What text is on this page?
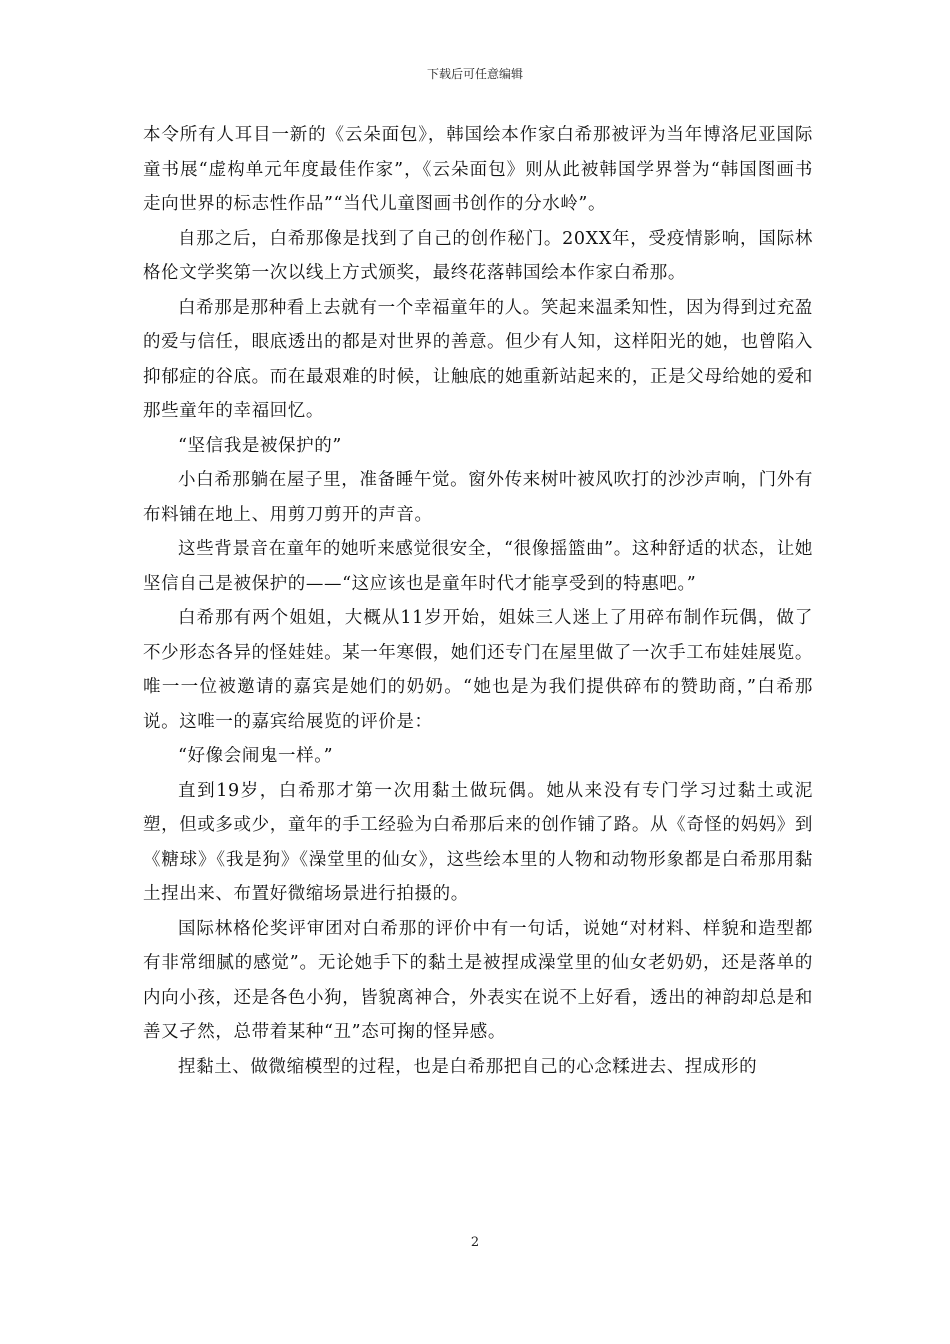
下载后可任意编辑

本令所有人耳目一新的《云朵面包》，韩国绘本作家白希那被评为当年博洛尼亚国际童书展“虚构单元年度最佳作家”，《云朵面包》则从此被韩国学界誉为“韩国图画书走向世界的标志性作品”“当代儿童图画书创作的分水岭”。

自那之后，白希那像是找到了自己的创作秘门。20XX年，受疫情影响，国际林格伦文学奖第一次以线上方式颁奖，最终花落韩国绘本作家白希那。

白希那是那种看上去就有一个幸福童年的人。笑起来温柔知性，因为得到过充盈的爱与信任，眼底透出的都是对世界的善意。但少有人知，这样阳光的她，也曾陷入抑郁症的谷底。而在最艰难的时候，让触底的她重新站起来的，正是父母给她的爱和那些童年的幸福回忆。

“坚信我是被保护的”

小白希那躺在屋子里，准备睡午觉。窗外传来树叶被风吹打的沙沙声响，门外有布料铺在地上、用剪刀剪开的声音。

这些背景音在童年的她听来感觉很安全，“很像摇篮曲”。这种舒适的状态，让她坚信自己是被保护的——“这应该也是童年时代才能享受到的特惠吧。”

白希那有两个姐姐，大概从11岁开始，姐妹三人迷上了用碎布制作玩偶，做了不少形态各异的怪娃娃。某一年寒假，她们还专门在屋里做了一次手工布娃娃展览。唯一一位被邀请的嘉宾是她们的奶奶。“她也是为我们提供碎布的赞助商，”白希那说。这唯一的嘉宾给展览的评价是：

“好像会闹鬼一样。”

直到19岁，白希那才第一次用黏土做玩偶。她从来没有专门学习过黏土或泥塑，但或多或少，童年的手工经验为白希那后来的创作铺了路。从《奇怪的妈妈》到《糖球》《我是狗》《澡堂里的仙女》，这些绘本里的人物和动物形象都是白希那用黏土捏出来、布置好微缩场景进行拍摄的。

国际林格伦奖评审团对白希那的评价中有一句话，说她“对材料、样貌和造型都有非常细腻的感觉”。无论她手下的黏土是被捏成澡堂里的仙女老奶奶，还是落单的内向小孩，还是各色小狗，皆貌离神合，外表实在说不上好看，透出的神韵却总是和善又孑然，总带着某种“丑”态可掬的怪异感。

捏黏土、做微缩模型的过程，也是白希那把自己的心念糅进去、捏成形的

2
